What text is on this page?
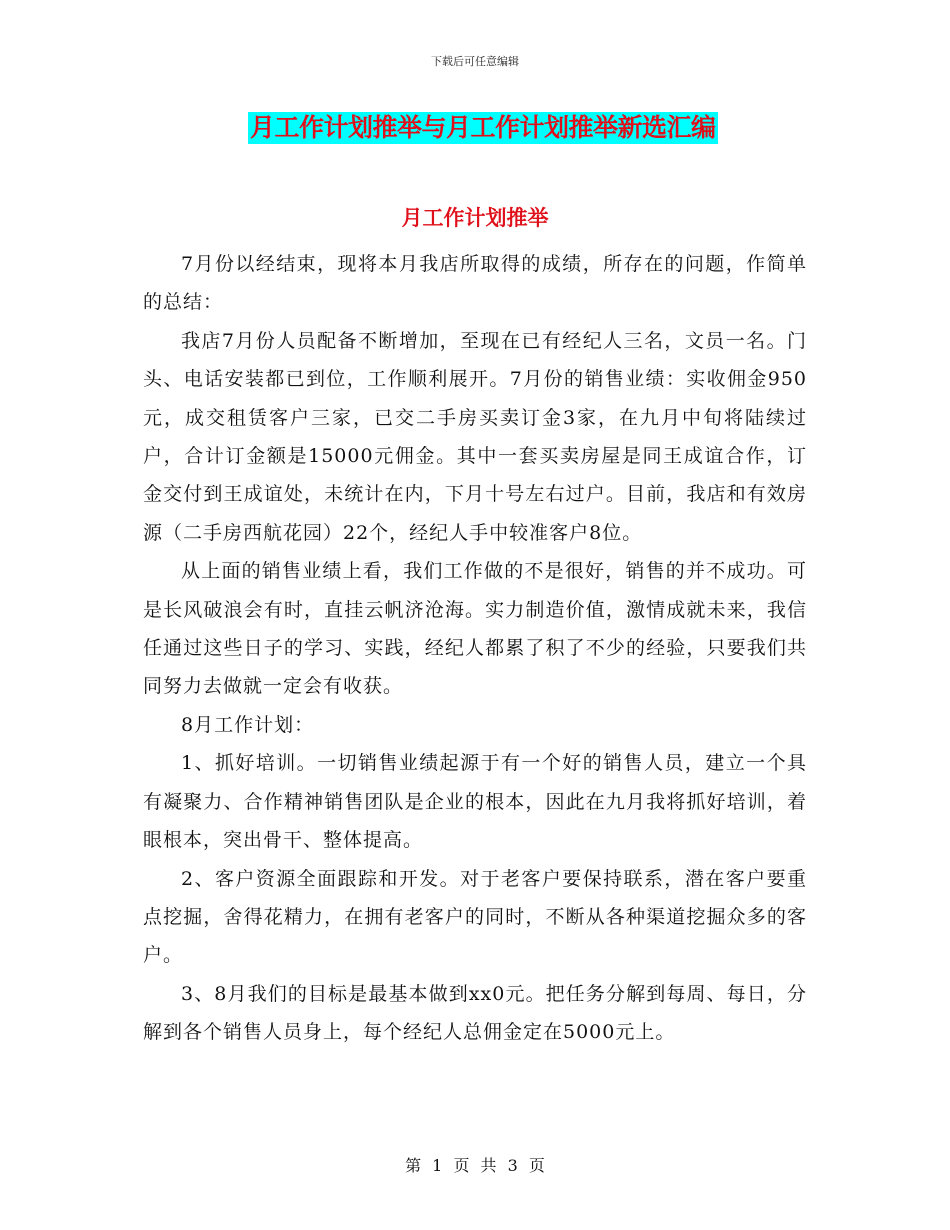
下载后可任意编辑
月工作计划推举与月工作计划推举新选汇编
月工作计划推举

7月份以经结束，现将本月我店所取得的成绩，所存在的问题，作简单的总结：

我店7月份人员配备不断增加，至现在已有经纪人三名，文员一名。门头、电话安装都已到位，工作顺利展开。7月份的销售业绩：实收佣金950元，成交租赁客户三家，已交二手房买卖订金3家，在九月中旬将陆续过户，合计订金额是15000元佣金。其中一套买卖房屋是同王成谊合作，订金交付到王成谊处，未统计在内，下月十号左右过户。目前，我店和有效房源（二手房西航花园）22个，经纪人手中较准客户8位。

从上面的销售业绩上看，我们工作做的不是很好，销售的并不成功。可是长风破浪会有时，直挂云帆济沧海。实力制造价值，激情成就未来，我信任通过这些日子的学习、实践，经纪人都累了积了不少的经验，只要我们共同努力去做就一定会有收获。

8月工作计划：

1、抓好培训。一切销售业绩起源于有一个好的销售人员，建立一个具有凝聚力、合作精神销售团队是企业的根本，因此在九月我将抓好培训，着眼根本，突出骨干、整体提高。

2、客户资源全面跟踪和开发。对于老客户要保持联系，潜在客户要重点挖掘，舍得花精力，在拥有老客户的同时，不断从各种渠道挖掘众多的客户。

3、8月我们的目标是最基本做到xx0元。把任务分解到每周、每日，分解到各个销售人员身上，每个经纪人总佣金定在5000元上。

第 1 页 共 3 页
